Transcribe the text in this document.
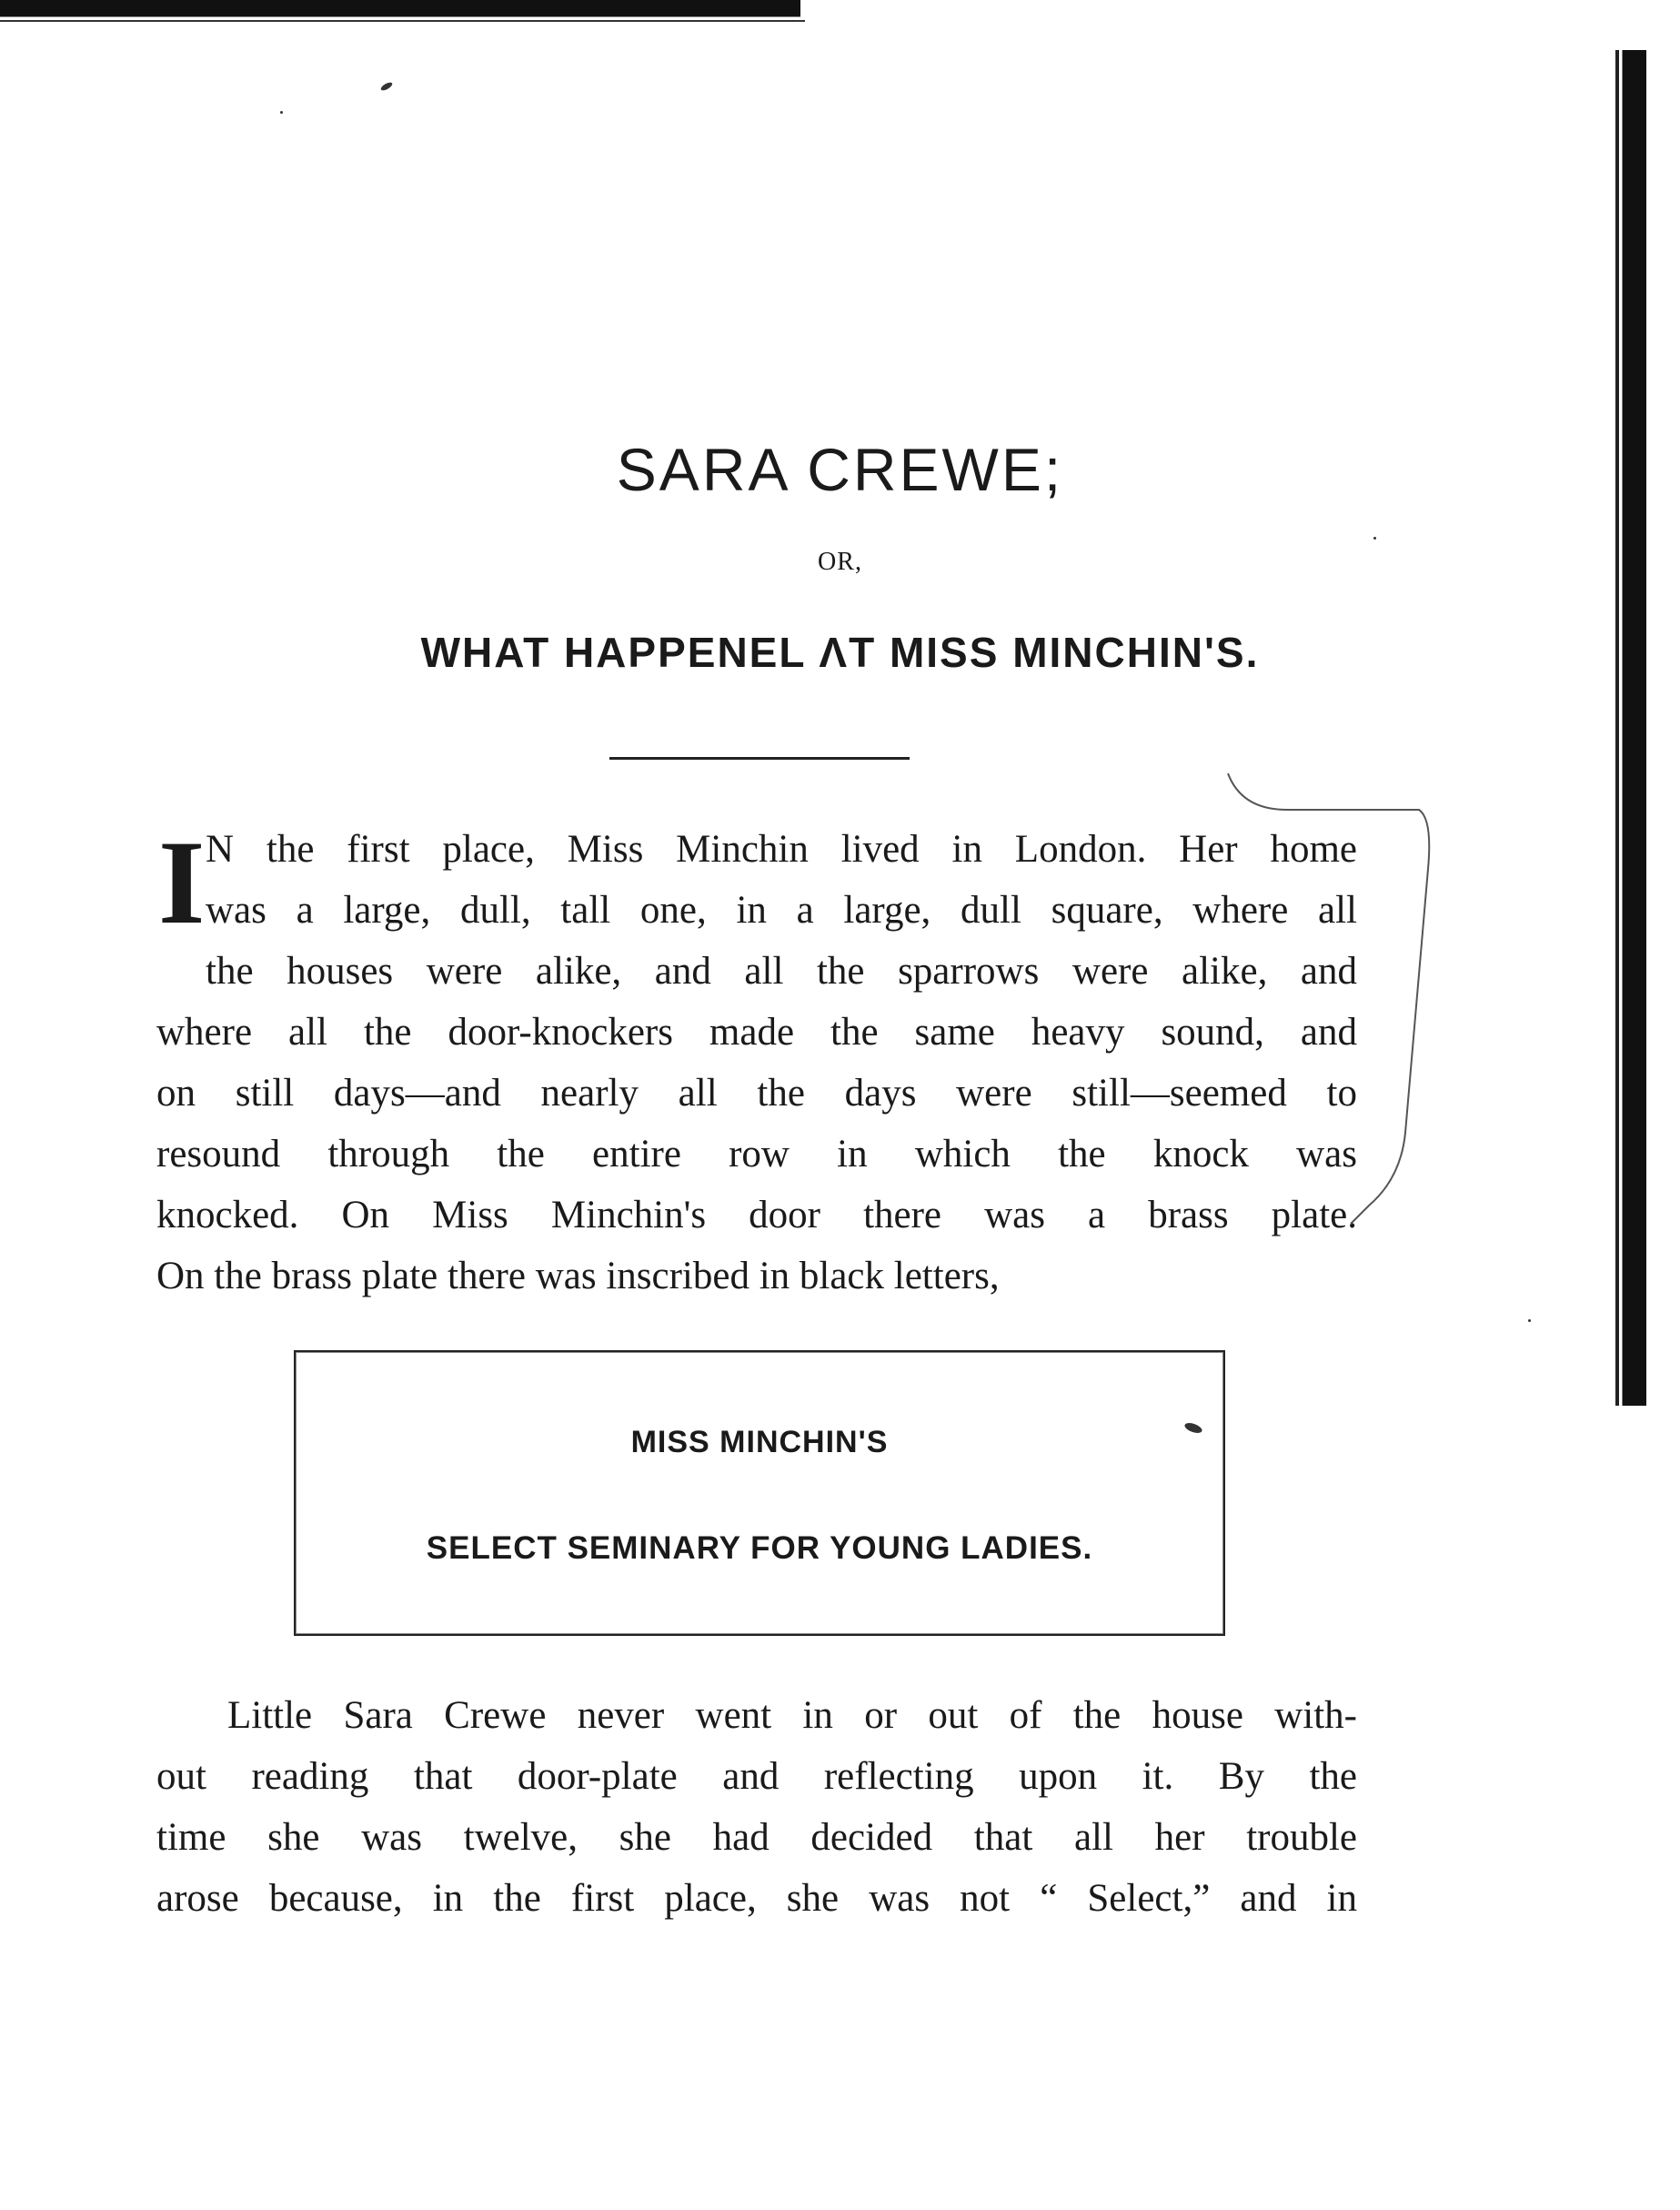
SARA CREWE;

OR,

WHAT HAPPENEL ΛT MISS MINCHIN'S.
I N the first place, Miss Minchin lived in London. Her home
was a large, dull, tall one, in a large, dull square, where all
the houses were alike, and all the sparrows were alike, and
where all the door-knockers made the same heavy sound, and
on still days—and nearly all the days were still—seemed to
resound through the entire row in which the knock was
knocked. On Miss Minchin's door there was a brass plate.
On the brass plate there was inscribed in black letters,

MISS MINCHIN'S

SELECT SEMINARY FOR YOUNG LADIES.

Little Sara Crewe never went in or out of the house with-
out reading that door-plate and reflecting upon it. By the
time she was twelve, she had decided that all her trouble
arose because, in the first place, she was not “ Select,” and in
